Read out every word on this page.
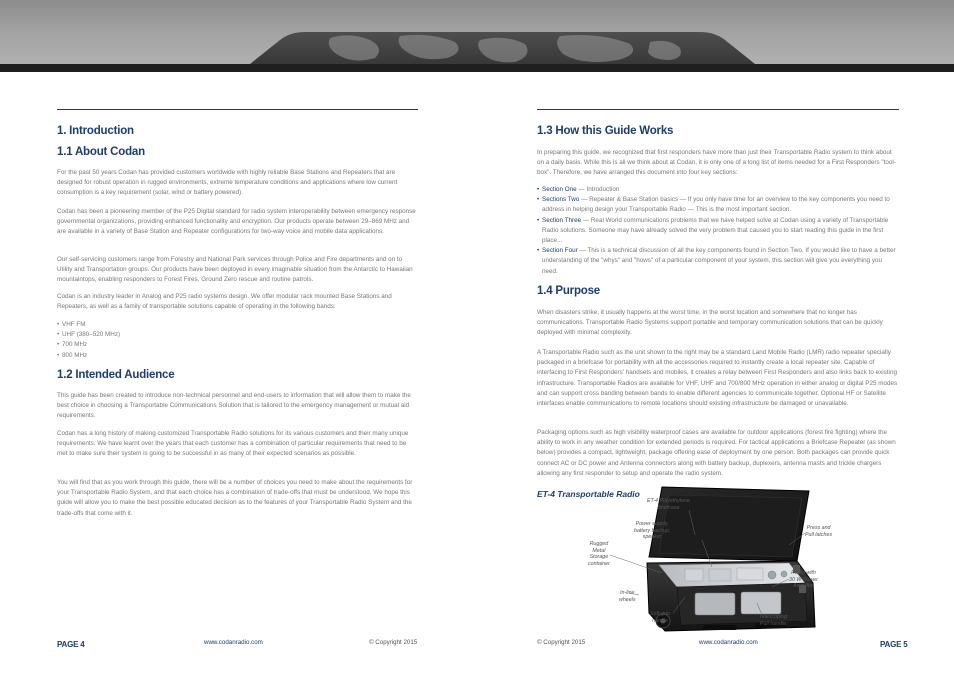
1. Introduction
1.1 About Codan
For the past 50 years Codan has provided customers worldwide with highly reliable Base Stations and Repeaters that are designed for robust operation in rugged environments, extreme temperature conditions and applications where low current consumption is a key requirement (solar, wind or battery powered).
Codan has been a pioneering member of the P25 Digital standard for radio system interoperability between emergency response governmental organizations, providing enhanced functionality and encryption. Our products operate between 29–869 MHz and are available in a variety of Base Station and Repeater configurations for two-way voice and mobile data applications.
Our self-servicing customers range from Forestry and National Park services through Police and Fire departments and on to Utility and Transportation groups. Our products have been deployed in every imaginable situation from the Antarctic to Hawaiian mountaintops, enabling responders to Forest Fires, Ground Zero rescue and routine patrols.
Codan is an industry leader in Analog and P25 radio systems design. We offer modular rack mounted Base Stations and Repeaters, as well as a family of transportable solutions capable of operating in the following bands:
• VHF FM
• UHF (380–520 MHz)
• 700 MHz
• 800 MHz
1.2 Intended Audience
This guide has been created to introduce non-technical personnel and end-users to information that will allow them to make the best choice in choosing a Transportable Communications Solution that is tailored to the emergency management or mutual aid requirements.
Codan has a long history of making customized Transportable Radio solutions for its various customers and their many unique requirements. We have learnt over the years that each customer has a combination of particular requirements that need to be met to make sure their system is going to be successful in as many of their expected scenarios as possible.
You will find that as you work through this guide, there will be a number of choices you need to make about the requirements for your Transportable Radio System, and that each choice has a combination of trade-offs that must be understood. We hope this guide will allow you to make the best possible educated decision as to the features of your Transportable Radio System and the trade-offs that come with it.
PAGE 4	www.codanradio.com	© Copyright 2015
1.3 How this Guide Works
In preparing this guide, we recognized that first responders have more than just their Transportable Radio system to think about on a daily basis. While this is all we think about at Codan, it is only one of a long list of items needed for a First Responders "tool-box". Therefore, we have arranged this document into four key sections:
• Section One — Introduction
• Sections Two — Repeater & Base Station basics — If you only have time for an overview to the key components you need to address in helping design your Transportable Radio — This is the most important section.
• Section Three — Real World communications problems that we have helped solve at Codan using a variety of Transportable Radio solutions. Someone may have already solved the very problem that caused you to start reading this guide in the first place...
• Section Four — This is a technical discussion of all the key components found in Section Two. If you would like to have a better understanding of the "whys" and "hows" of a particular component of your system, this section will give you everything you need.
1.4 Purpose
When disasters strike, it usually happens at the worst time, in the worst location and somewhere that no longer has communications. Transportable Radio Systems support portable and temporary communication solutions that can be quickly deployed with minimal complexity.
A Transportable Radio such as the unit shown to the right may be a standard Land Mobile Radio (LMR) radio repeater specially packaged in a briefcase for portability with all the accessories required to instantly create a local repeater site. Capable of interfacing to First Responders' handsets and mobiles, it creates a relay between First Responders and also links back to existing infrastructure. Transportable Radios are available for VHF, UHF and 700/800 MHz operation in either analog or digital P25 modes and can support cross banding between bands to enable different agencies to communicate together. Optional HF or Satellite interfaces enable communications to remote locations should existing infrastructure be damaged or unavailable.
Packaging options such as high visibility waterproof cases are available for outdoor applications (forest fire fighting) where the ability to work in any weather condition for extended periods is required. For tactical applications a Briefcase Repeater (as shown below) provides a compact, lightweight, package offering ease of deployment by one person. Both packages can provide quick connect AC or DC power and Antenna connectors along with battery backup, duplexers, antenna masts and trickle chargers allowing any first responder to setup and operate the radio system.
ET-4 Transportable Radio
ET-4 Polyethylene
Briefcase
Power supply,
battery backup,
speaker
Rugged
Metal
Storage
container
Press and
Pull latches
Radio with
30 W Power
Amplifier
In-line
wheels
Soft-grip
handle
Telescoping
Pull handle
© Copyright 2015	www.codanradio.com	PAGE 5
